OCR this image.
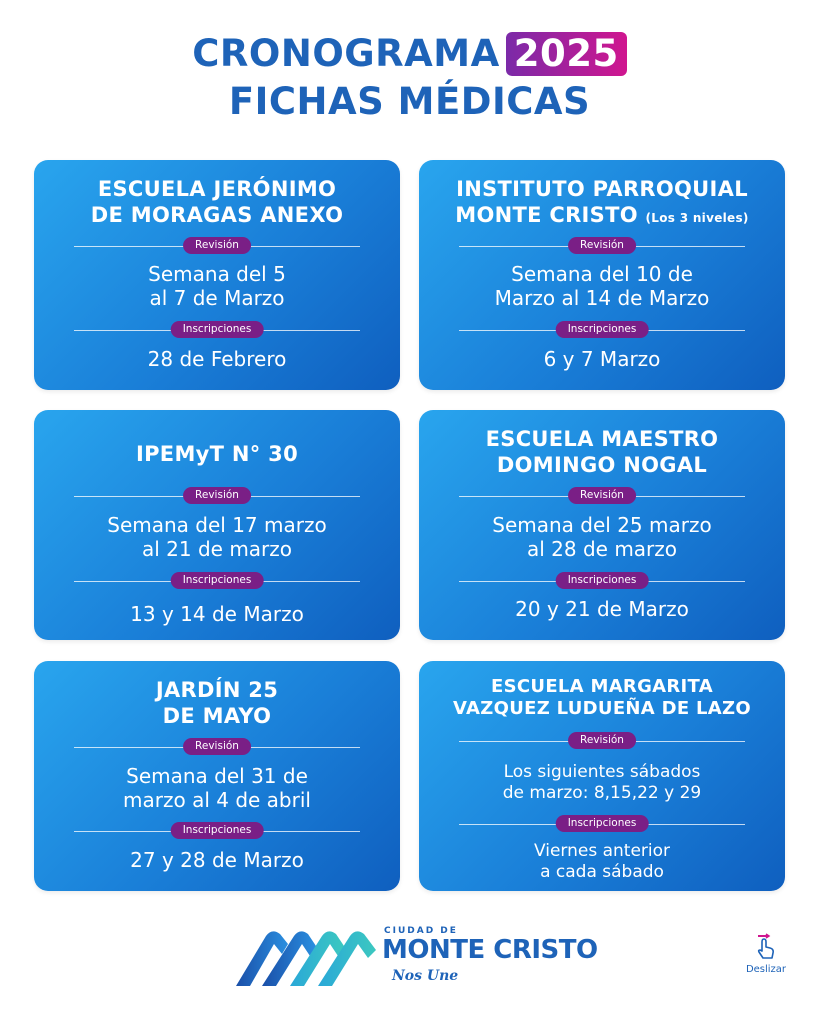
CRONOGRAMA 2025
FICHAS MÉDICAS
ESCUELA JERÓNIMO
DE MORAGAS ANEXO
Revisión
Semana del 5
al 7 de Marzo
Inscripciones
28 de Febrero
INSTITUTO PARROQUIAL
MONTE CRISTO (Los 3 niveles)
Revisión
Semana del 10 de
Marzo al 14 de Marzo
Inscripciones
6 y 7 Marzo
IPEMyT N° 30
Revisión
Semana del 17 marzo
al 21 de marzo
Inscripciones
13 y 14 de Marzo
ESCUELA MAESTRO
DOMINGO NOGAL
Revisión
Semana del 25 marzo
al 28 de marzo
Inscripciones
20 y 21 de Marzo
JARDÍN 25
DE MAYO
Revisión
Semana del 31 de
marzo al 4 de abril
Inscripciones
27 y 28 de Marzo
ESCUELA MARGARITA
VAZQUEZ LUDUEÑA DE LAZO
Revisión
Los siguientes sábados
de marzo: 8,15,22 y 29
Inscripciones
Viernes anterior
a cada sábado
CIUDAD DE
MONTE CRISTO
Nos Une	Deslizar
